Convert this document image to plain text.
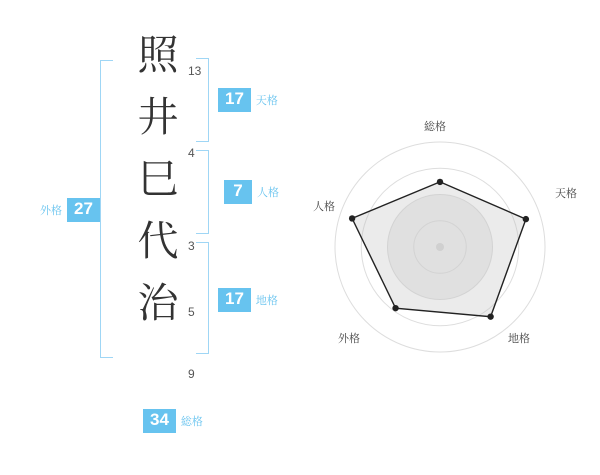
照
井
巳
代
治
13
4
3
5
9
17	天格
7	人格
17	地格
外格 27
34	総格
総格
天格
地格
外格
人格
